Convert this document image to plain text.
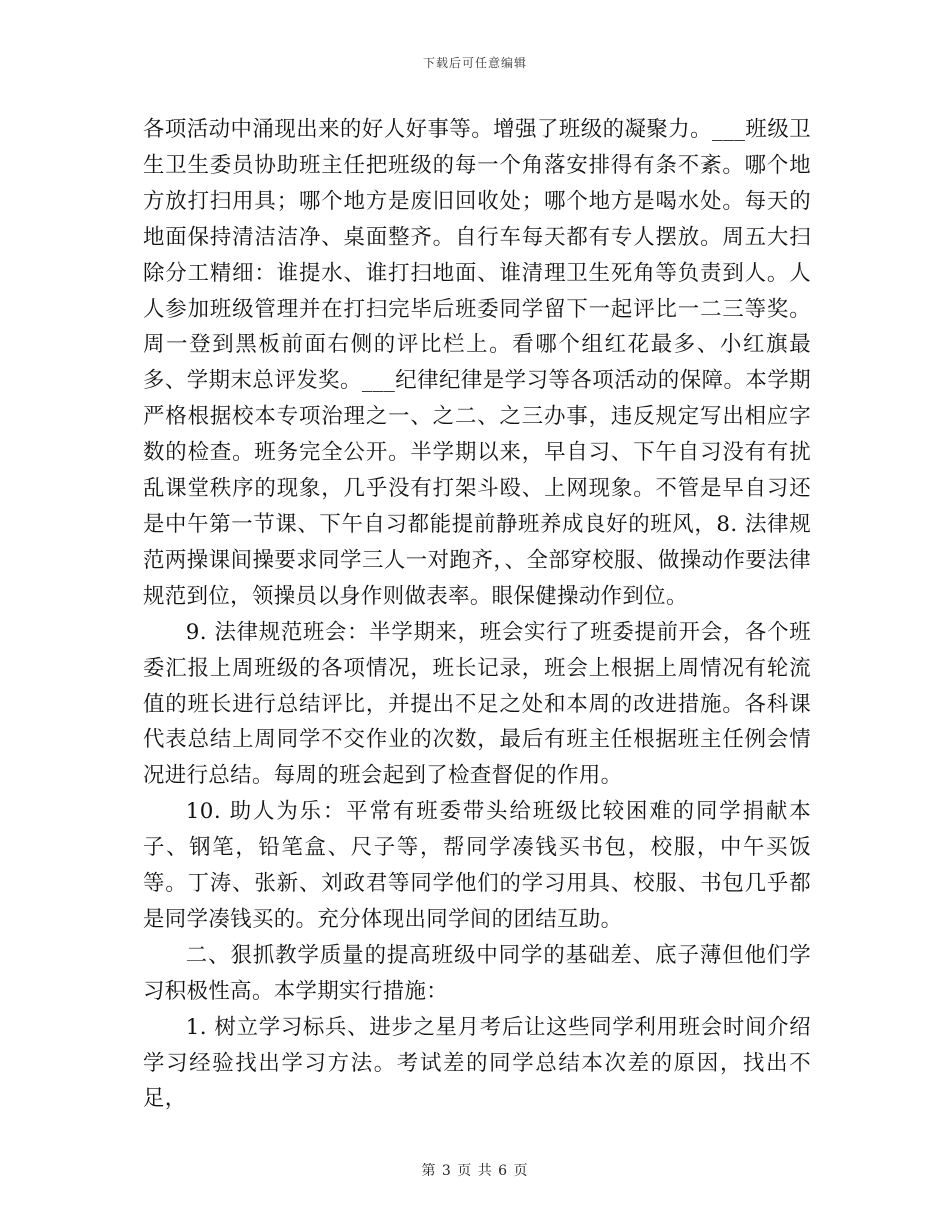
下载后可任意编辑

各项活动中涌现出来的好人好事等。增强了班级的凝聚力。___班级卫生卫生委员协助班主任把班级的每一个角落安排得有条不紊。哪个地方放打扫用具；哪个地方是废旧回收处；哪个地方是喝水处。每天的地面保持清洁洁净、桌面整齐。自行车每天都有专人摆放。周五大扫除分工精细：谁提水、谁打扫地面、谁清理卫生死角等负责到人。人人参加班级管理并在打扫完毕后班委同学留下一起评比一二三等奖。周一登到黑板前面右侧的评比栏上。看哪个组红花最多、小红旗最多、学期末总评发奖。___纪律纪律是学习等各项活动的保障。本学期严格根据校本专项治理之一、之二、之三办事，违反规定写出相应字数的检查。班务完全公开。半学期以来，早自习、下午自习没有有扰乱课堂秩序的现象，几乎没有打架斗殴、上网现象。不管是早自习还是中午第一节课、下午自习都能提前静班养成良好的班风，8. 法律规范两操课间操要求同学三人一对跑齐，、全部穿校服、做操动作要法律规范到位，领操员以身作则做表率。眼保健操动作到位。

9. 法律规范班会：半学期来，班会实行了班委提前开会，各个班委汇报上周班级的各项情况，班长记录，班会上根据上周情况有轮流值的班长进行总结评比，并提出不足之处和本周的改进措施。各科课代表总结上周同学不交作业的次数，最后有班主任根据班主任例会情况进行总结。每周的班会起到了检查督促的作用。

10. 助人为乐：平常有班委带头给班级比较困难的同学捐献本子、钢笔，铅笔盒、尺子等，帮同学凑钱买书包，校服，中午买饭等。丁涛、张新、刘政君等同学他们的学习用具、校服、书包几乎都是同学凑钱买的。充分体现出同学间的团结互助。

二、狠抓教学质量的提高班级中同学的基础差、底子薄但他们学习积极性高。本学期实行措施：

1. 树立学习标兵、进步之星月考后让这些同学利用班会时间介绍学习经验找出学习方法。考试差的同学总结本次差的原因，找出不足，

第 3 页 共 6 页
